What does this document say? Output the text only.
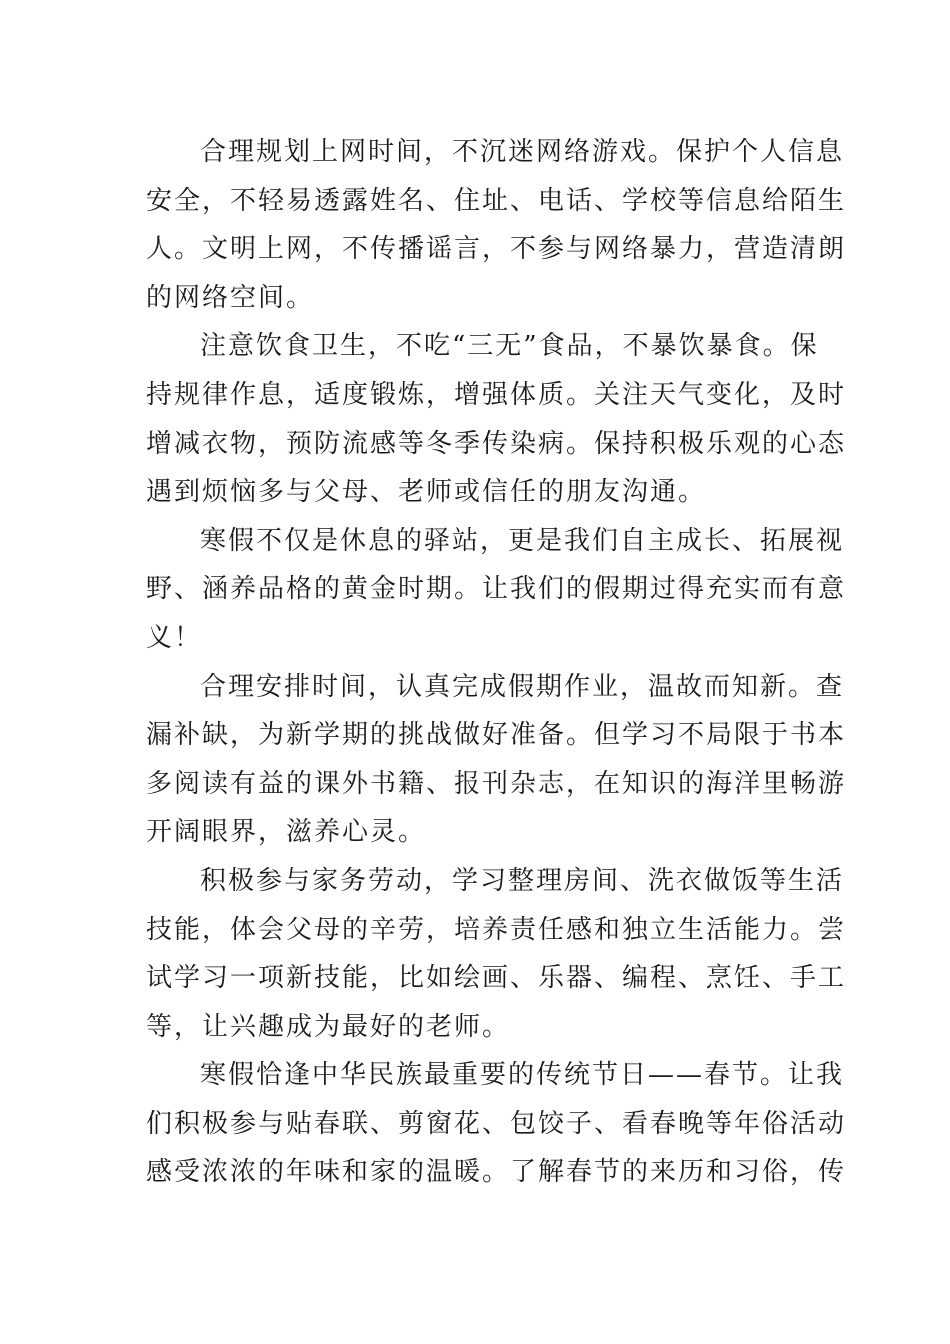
合理规划上网时间，不沉迷网络游戏。保护个人信息
安全，不轻易透露姓名、住址、电话、学校等信息给陌生
人。文明上网，不传播谣言，不参与网络暴力，营造清朗
的网络空间。
注意饮食卫生，不吃“三无”食品，不暴饮暴食。保
持规律作息，适度锻炼，增强体质。关注天气变化，及时
增减衣物，预防流感等冬季传染病。保持积极乐观的心态
遇到烦恼多与父母、老师或信任的朋友沟通。
寒假不仅是休息的驿站，更是我们自主成长、拓展视
野、涵养品格的黄金时期。让我们的假期过得充实而有意
义！
合理安排时间，认真完成假期作业，温故而知新。查
漏补缺，为新学期的挑战做好准备。但学习不局限于书本
多阅读有益的课外书籍、报刊杂志，在知识的海洋里畅游
开阔眼界，滋养心灵。
积极参与家务劳动，学习整理房间、洗衣做饭等生活
技能，体会父母的辛劳，培养责任感和独立生活能力。尝
试学习一项新技能，比如绘画、乐器、编程、烹饪、手工
等，让兴趣成为最好的老师。
寒假恰逢中华民族最重要的传统节日——春节。让我
们积极参与贴春联、剪窗花、包饺子、看春晚等年俗活动
感受浓浓的年味和家的温暖。了解春节的来历和习俗，传
